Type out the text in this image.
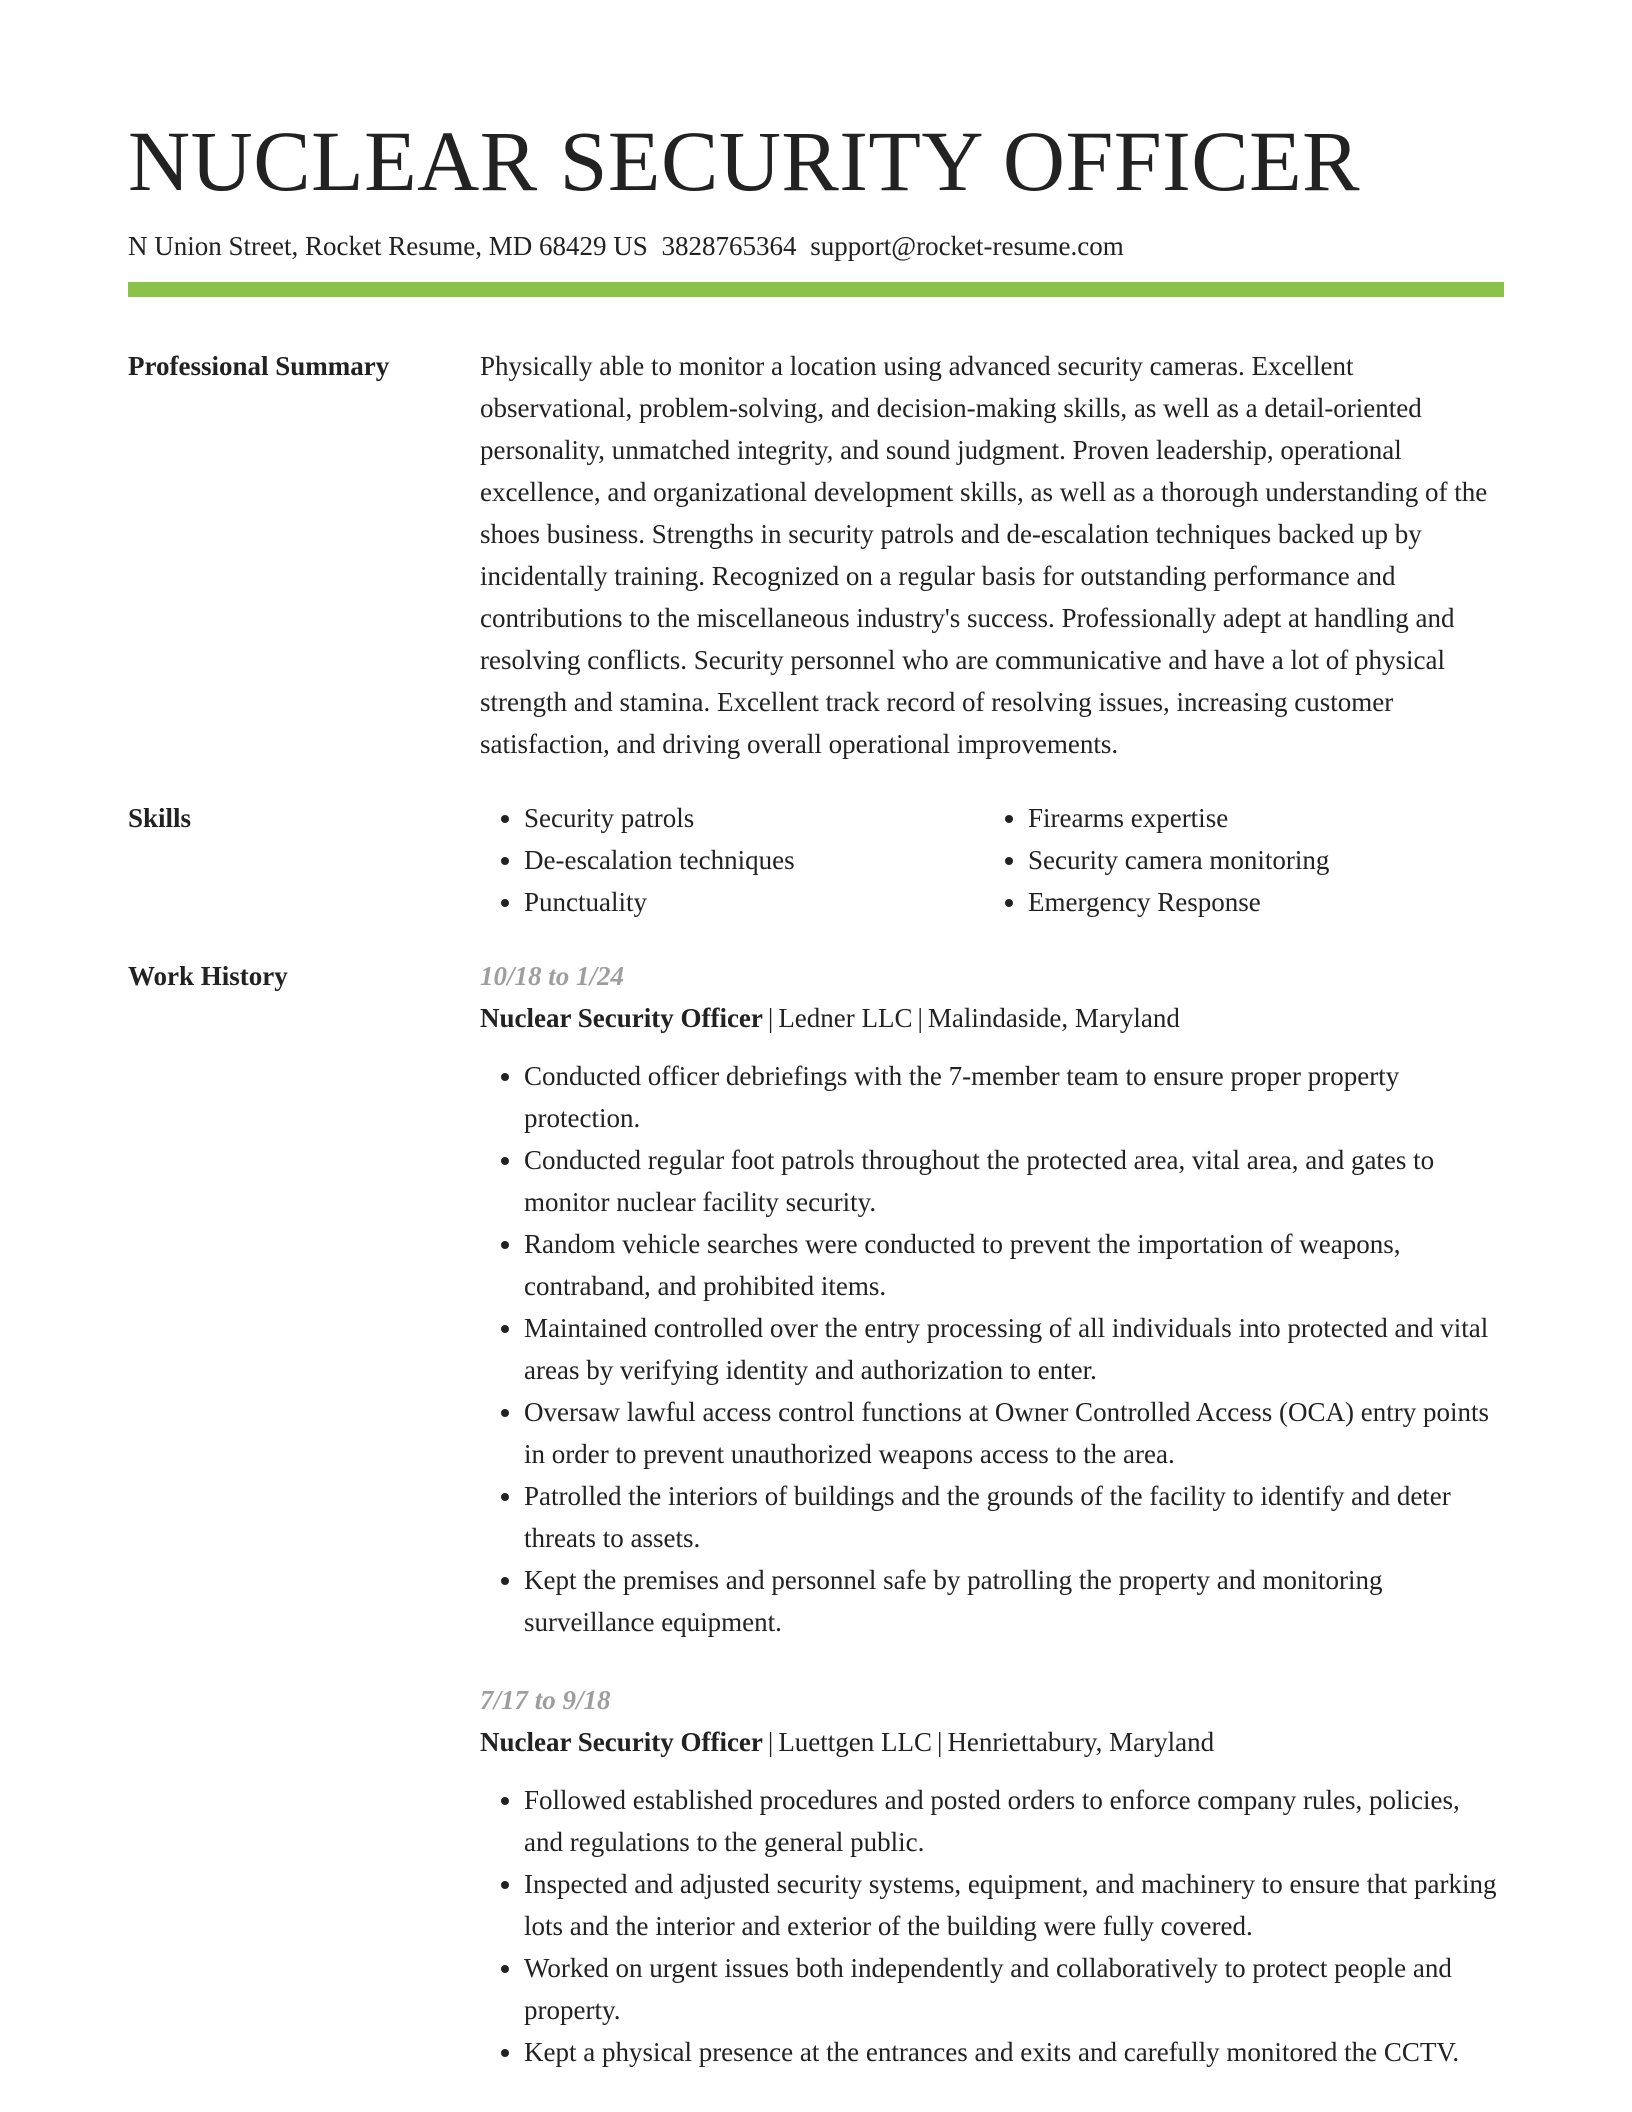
NUCLEAR SECURITY OFFICER
N Union Street, Rocket Resume, MD 68429 US 3828765364 support@rocket-resume.com
Professional Summary	Physically able to monitor a location using advanced security cameras. Excellent observational, problem-solving, and decision-making skills, as well as a detail-oriented personality, unmatched integrity, and sound judgment. Proven leadership, operational excellence, and organizational development skills, as well as a thorough understanding of the shoes business. Strengths in security patrols and de-escalation techniques backed up by incidentally training. Recognized on a regular basis for outstanding performance and contributions to the miscellaneous industry's success. Professionally adept at handling and resolving conflicts. Security personnel who are communicative and have a lot of physical strength and stamina. Excellent track record of resolving issues, increasing customer satisfaction, and driving overall operational improvements.

Skills
•	Security patrols
• De-escalation techniques
• Punctuality
• Firearms expertise
• Security camera monitoring
• Emergency Response
Work History	10/18 to 1/24
Nuclear Security Officer | Ledner LLC | Malindaside, Maryland
• Conducted officer debriefings with the 7-member team to ensure proper property protection.
• Conducted regular foot patrols throughout the protected area, vital area, and gates to monitor nuclear facility security.
• Random vehicle searches were conducted to prevent the importation of weapons, contraband, and prohibited items.
• Maintained controlled over the entry processing of all individuals into protected and vital areas by verifying identity and authorization to enter.
• Oversaw lawful access control functions at Owner Controlled Access (OCA) entry points in order to prevent unauthorized weapons access to the area.
• Patrolled the interiors of buildings and the grounds of the facility to identify and deter threats to assets.
• Kept the premises and personnel safe by patrolling the property and monitoring surveillance equipment.
7/17 to 9/18
Nuclear Security Officer | Luettgen LLC | Henriettabury, Maryland
• Followed established procedures and posted orders to enforce company rules, policies, and regulations to the general public.
• Inspected and adjusted security systems, equipment, and machinery to ensure that parking lots and the interior and exterior of the building were fully covered.
• Worked on urgent issues both independently and collaboratively to protect people and property.
• Kept a physical presence at the entrances and exits and carefully monitored the CCTV.
